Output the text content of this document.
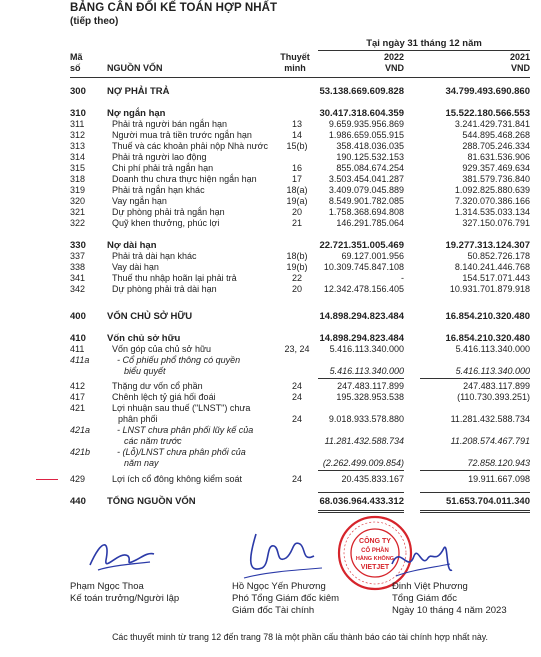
BẢNG CÂN ĐỐI KẾ TOÁN HỢP NHẤT
(tiếp theo)
Mã
số	NGUỒN VỐN
Thuyết
minh
Tại ngày 31 tháng 12 năm
2022	2021
VND	VND
300	NỢ PHẢI TRẢ	53.138.669.609.828	34.799.493.690.860
310	Nợ ngắn hạn	30.417.318.604.359	15.522.180.566.553
311	Phải trả người bán ngắn hạn	13	9.659.935.956.869	3.241.429.731.841
312	Người mua trả tiền trước ngắn hạn	14	1.986.659.055.915	544.895.468.268
313	Thuế và các khoản phải nộp Nhà nước	15(b)	358.418.036.035	288.705.246.334
314	Phải trả người lao động	190.125.532.153	81.631.536.906
315	Chi phí phải trả ngắn hạn	16	855.084.674.254	929.357.469.634
318	Doanh thu chưa thực hiện ngắn hạn	17	3.503.454.041.287	381.579.736.840
319	Phải trả ngắn hạn khác	18(a)	3.409.079.045.889	1.092.825.880.639
320	Vay ngắn hạn	19(a)	8.549.901.782.085	7.320.070.386.166
321	Dự phòng phải trả ngắn hạn	20	1.758.368.694.808	1.314.535.033.134
322	Quỹ khen thưởng, phúc lợi	21	146.291.785.064	327.150.076.791
330	Nợ dài hạn	22.721.351.005.469	19.277.313.124.307
337	Phải trả dài hạn khác	18(b)	69.127.001.956	50.852.726.178
338	Vay dài hạn	19(b)	10.309.745.847.108	8.140.241.446.768
341	Thuế thu nhập hoãn lại phải trả	22	-	154.517.071.443
342	Dự phòng phải trả dài hạn	20	12.342.478.156.405	10.931.701.879.918
400	VỐN CHỦ SỞ HỮU	14.898.294.823.484	16.854.210.320.480
410	Vốn chủ sở hữu	14.898.294.823.484	16.854.210.320.480
411	Vốn góp của chủ sở hữu	23, 24	5.416.113.340.000	5.416.113.340.000
411a	- Cổ phiếu phổ thông có quyền
biểu quyết	5.416.113.340.000	5.416.113.340.000
412	Thặng dư vốn cổ phần	24	247.483.117.899	247.483.117.899
417	Chênh lệch tỷ giá hối đoái	24	195.328.953.538	(110.730.393.251)
421	Lợi nhuận sau thuế ("LNST") chưa
phân phối	24	9.018.933.578.880	11.281.432.588.734
421a	- LNST chưa phân phối lũy kế của
các năm trước	11.281.432.588.734	11.208.574.467.791
421b	- (Lỗ)/LNST chưa phân phối của
năm nay	(2.262.499.009.854)	72.858.120.943
429	Lợi ích cổ đông không kiểm soát	24	20.435.833.167	19.911.667.098
440	TỔNG NGUỒN VỐN	68.036.964.433.312	51.653.704.011.340
CÔNG TY
CỔ PHẦN
HÀNG KHÔNG
VIETJET
Phạm Ngọc Thoa
Kế toán trưởng/Người lập
Hồ Ngọc Yến Phương
Phó Tổng Giám đốc kiêm
Giám đốc Tài chính
Đinh Việt Phương
Tổng Giám đốc
Ngày 10 tháng 4 năm 2023
Các thuyết minh từ trang 12 đến trang 78 là một phần cấu thành báo cáo tài chính hợp nhất này.
